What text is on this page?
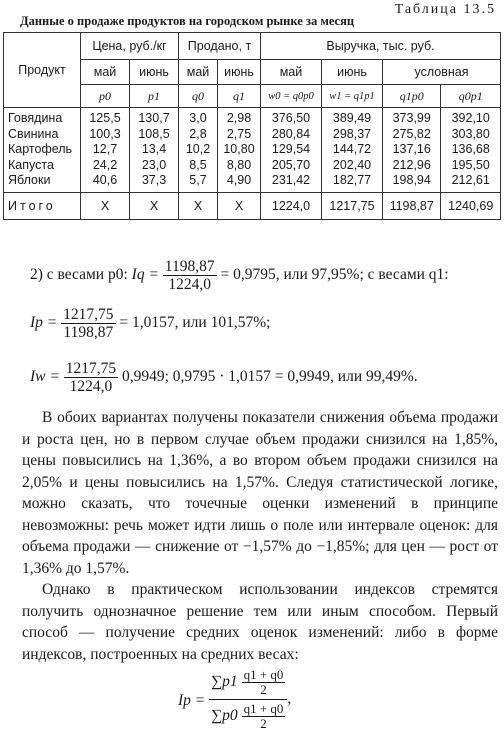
Таблица 13.5
Данные о продаже продуктов на городском рынке за месяц
Продукт	Цена, руб./кг		Продано, т		Выручка, тыс. руб.			
	май	июнь	май	июнь	май	июнь	условная	
	p0	p1	q0	q1	w0 = q0p0	w1 = q1p1	q1p0	q0p1
Говядина	125,5	130,7	3,0	2,98	376,50	389,49	373,99	392,10
Свинина	100,3	108,5	2,8	2,75	280,84	298,37	275,82	303,80
Картофель	12,7	13,4	10,2	10,80	129,54	144,72	137,16	136,68
Капуста	24,2	23,0	8,5	8,80	205,70	202,40	212,96	195,50
Яблоки	40,6	37,3	5,7	4,90	231,42	182,77	198,94	212,61
Итого	X	X	X	X	1224,0	1217,75	1198,87	1240,69
2) с весами p0: $Iq = \frac{1198,87}{1224,0} = 0,9795$, или 97,95%; с весами q1:
$Ip = \frac{1217,75}{1198,87} = 1,0157$, или 101,57%;
$Iw = \frac{1217,75}{1224,0} 0,9949$; 0,9795 · 1,0157 = 0,9949, или 99,49%.
В обоих вариантах получены показатели снижения объема продажи и роста цен, но в первом случае объем продажи снизился на 1,85%, цены повысились на 1,36%, а во втором объем продажи снизился на 2,05% и цены повысились на 1,57%. Следуя статистической логике, можно сказать, что точечные оценки изменений в принципе невозможны: речь может идти лишь о поле или интервале оценок: для объема продажи — снижение от −1,57% до −1,85%; для цен — рост от 1,36% до 1,57%.
Однако в практическом использовании индексов стремятся получить однозначное решение тем или иным способом. Первый способ — получение средних оценок изменений: либо в форме индексов, построенных на средних весах:
$Ip = \frac{\sum p1 \frac{q1 + q0}{2}}{\sum p0 \frac{q1 + q0}{2}}$ ,
